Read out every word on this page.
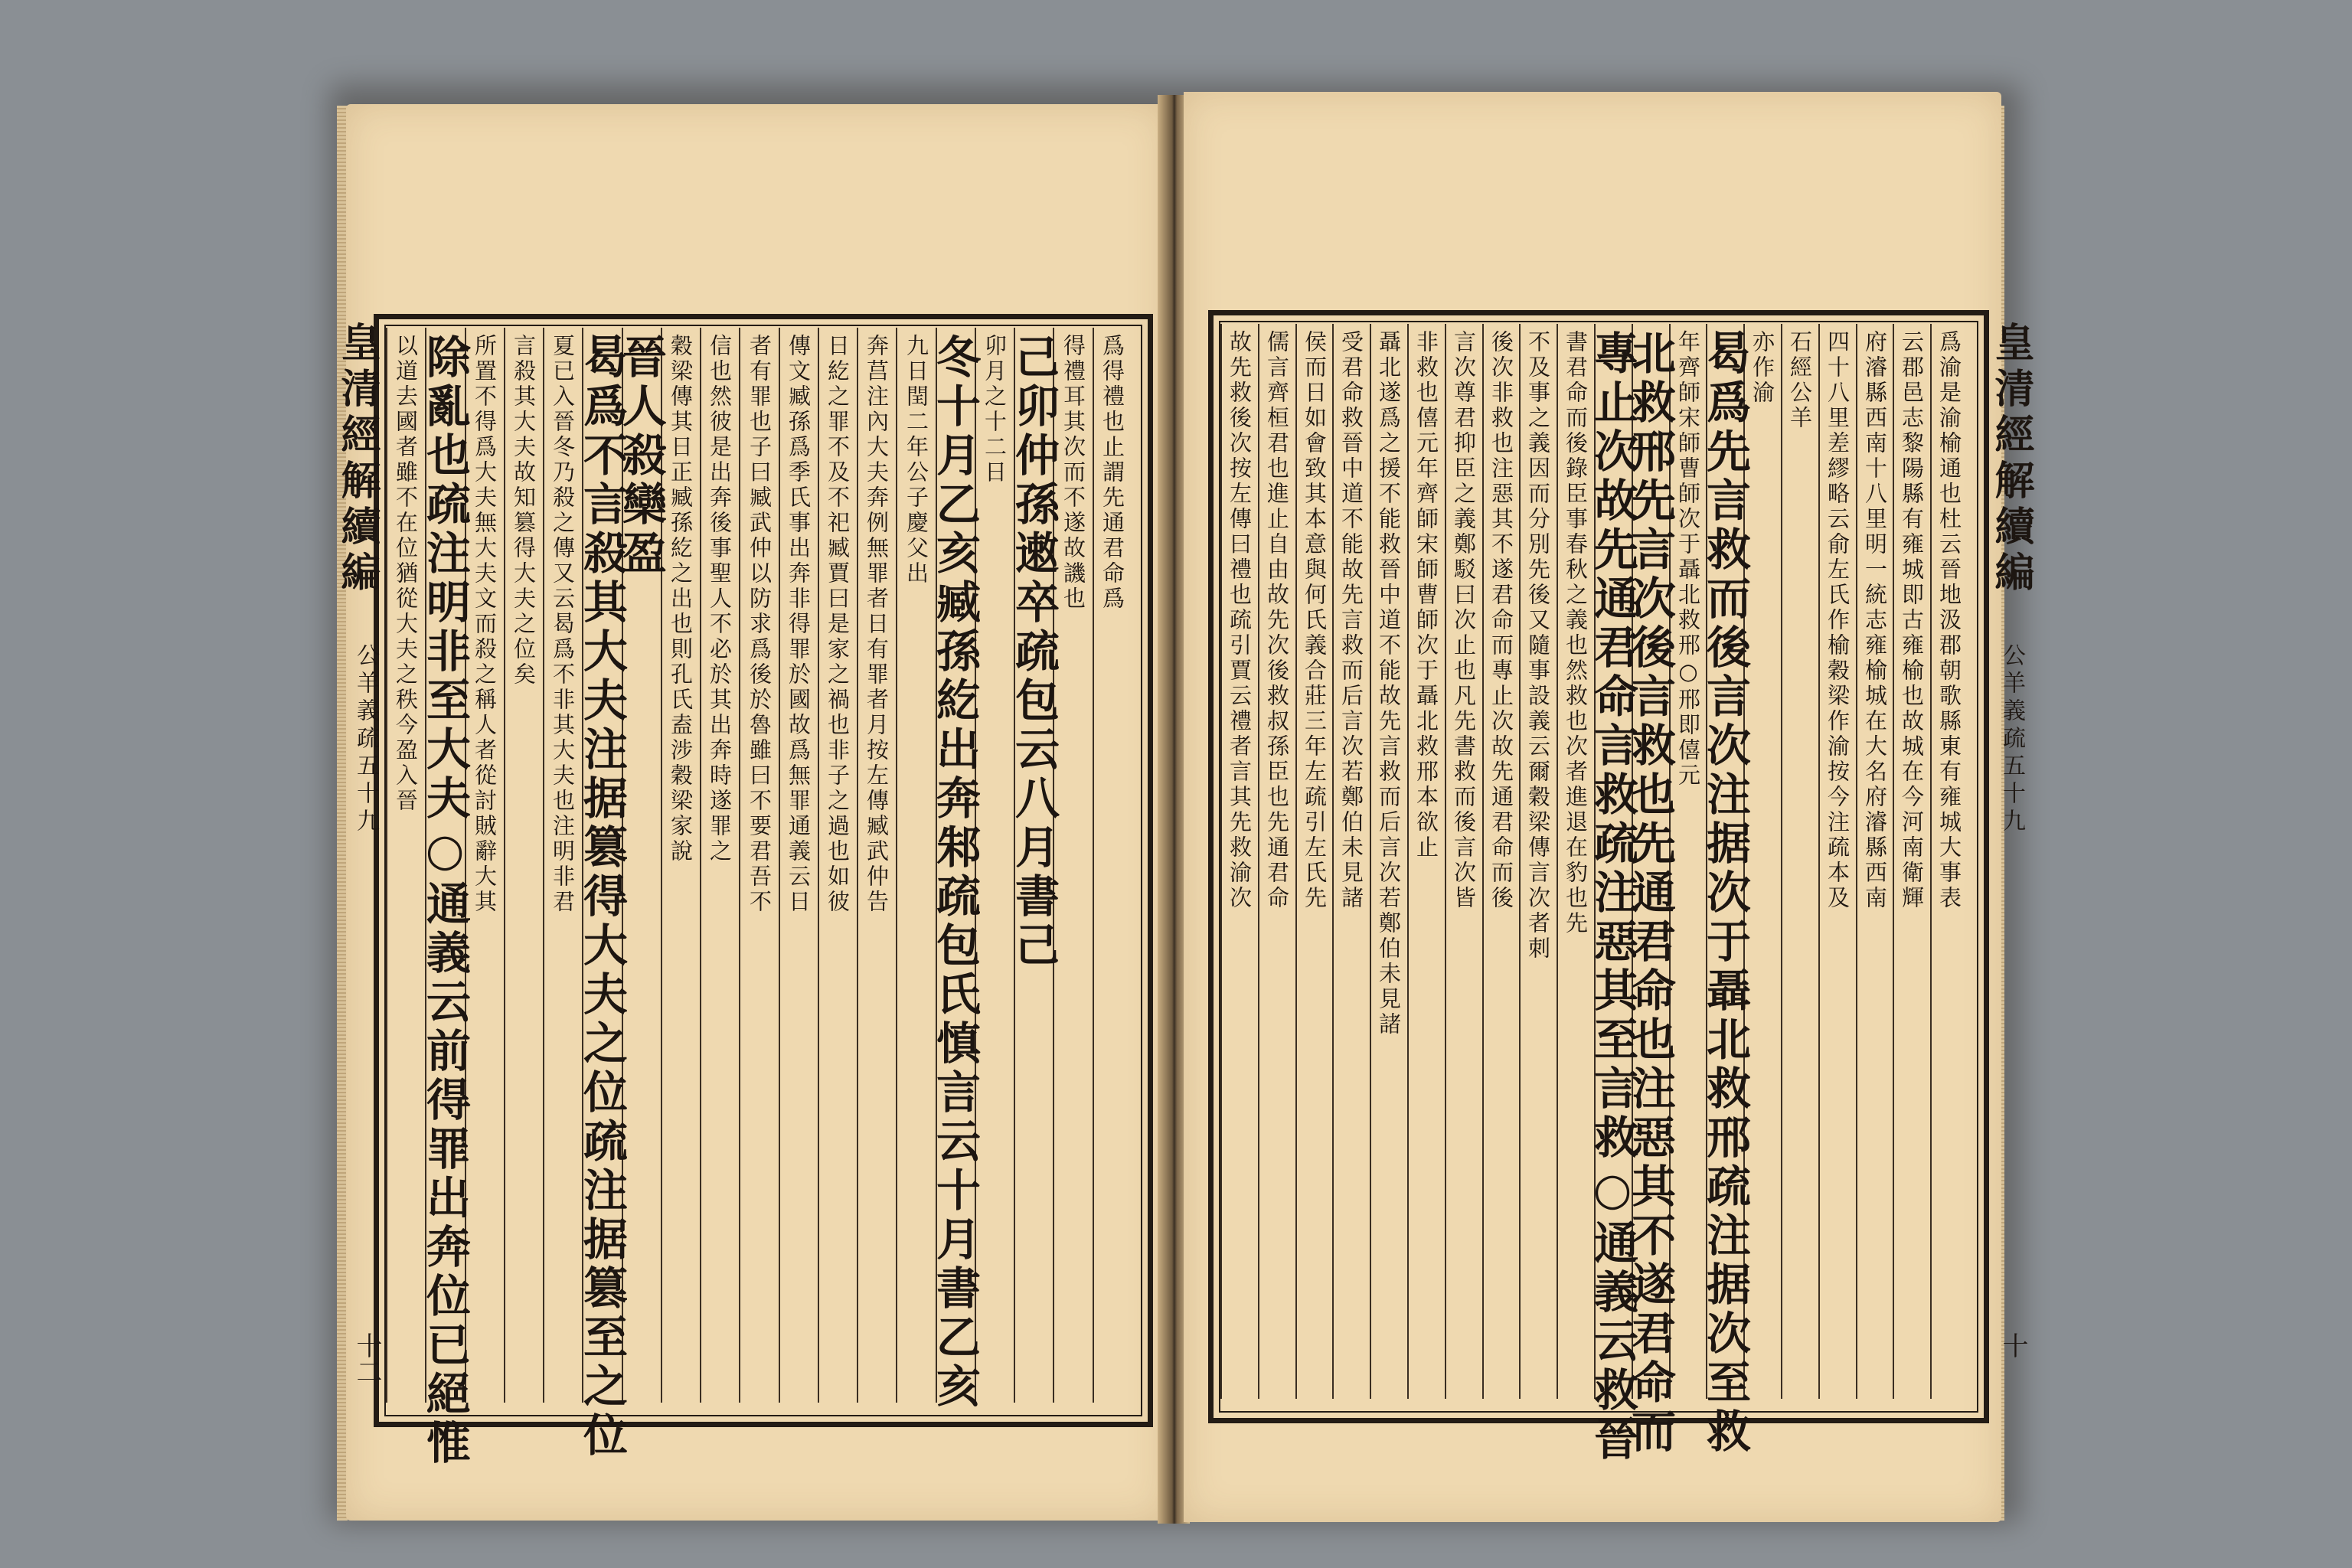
爲得禮也止謂先通君命爲
得禮耳其次而不遂故譏也
己卯仲孫遫卒疏包云八月書己
卯月之十二日
冬十月乙亥臧孫紇出奔邾疏包氏慎言云十月書乙亥
九日閏二年公子慶父出
奔莒注內大夫奔例無罪者日有罪者月按左傳臧武仲告
日紇之罪不及不祀臧賈曰是家之禍也非子之過也如彼
傳文臧孫爲季氏事出奔非得罪於國故爲無罪通義云日
者有罪也子曰臧武仲以防求爲後於魯雖曰不要君吾不
信也然彼是出奔後事聖人不必於其出奔時遂罪之
穀梁傳其日正臧孫紇之出也則孔氏盍涉穀梁家說
晉人殺欒盈
曷爲不言殺其大夫注据篡得大夫之位疏注据篡至之位
夏已入晉冬乃殺之傳又云曷爲不非其大夫也注明非君
言殺其大夫故知篡得大夫之位矣
所置不得爲大夫無大夫文而殺之稱人者從討賊辭大其
除亂也疏注明非至大夫○通義云前得罪出奔位已絕惟
以道去國者雖不在位猶從大夫之秩今盈入晉
皇清經解續編
公羊義疏五十九
十二
爲渝是渝榆通也杜云晉地汲郡朝歌縣東有雍城大事表
云郡邑志黎陽縣有雍城即古雍榆也故城在今河南衛輝
府濬縣西南十八里明一統志雍榆城在大名府濬縣西南
四十八里差繆略云俞左氏作榆穀梁作渝按今注疏本及
石經公羊
亦作渝
曷爲先言救而後言次注据次于聶北救邢疏注据次至救
年齊師宋師曹師次于聶北救邢○邢即僖元
北救邢先言次後言救也先通君命也注惡其不遂君命而
專止次故先通君命言救疏注惡其至言救○通義云救晉
書君命而後錄臣事春秋之義也然救也次者進退在豹也先
不及事之義因而分別先後又隨事設義云爾穀梁傳言次者刺
後次非救也注惡其不遂君命而專止次故先通君命而後
言次尊君抑臣之義鄭駁曰次止也凡先書救而後言次皆
非救也僖元年齊師宋師曹師次于聶北救邢本欲止
聶北遂爲之援不能救晉中道不能故先言救而后言次若鄭伯未見諸
受君命救晉中道不能故先言救而后言次若鄭伯未見諸
侯而日如會致其本意與何氏義合莊三年左疏引左氏先
儒言齊桓君也進止自由故先次後救叔孫臣也先通君命
故先救後次按左傳曰禮也疏引賈云禮者言其先救渝次	皇清經解續編
公羊義疏五十九
十
